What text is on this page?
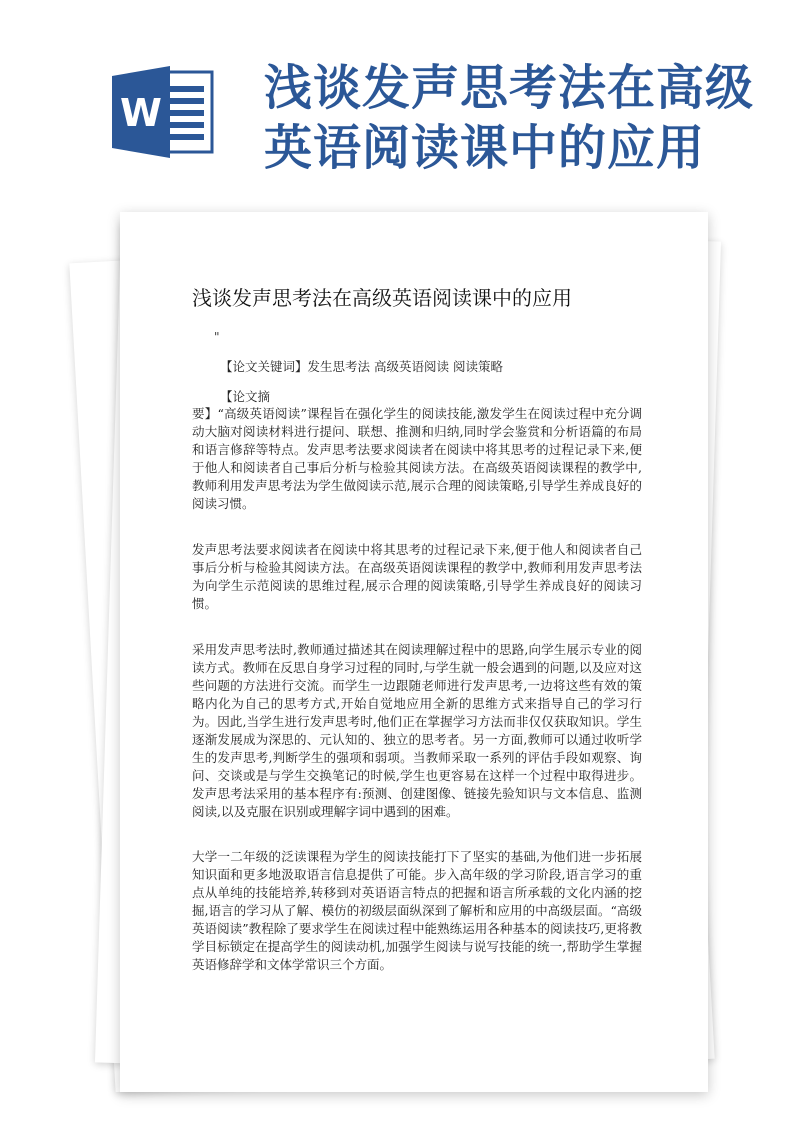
W 浅谈发声思考法在高级英语阅读课中的应用
浅谈发声思考法在高级英语阅读课中的应用
"
【论文关键词】发生思考法 高级英语阅读 阅读策略
【论文摘
要】“高级英语阅读”课程旨在强化学生的阅读技能,激发学生在阅读过程中充分调动大脑对阅读材料进行提问、联想、推测和归纳,同时学会鉴赏和分析语篇的布局和语言修辞等特点。发声思考法要求阅读者在阅读中将其思考的过程记录下来,便于他人和阅读者自己事后分析与检验其阅读方法。在高级英语阅读课程的教学中,教师利用发声思考法为学生做阅读示范,展示合理的阅读策略,引导学生养成良好的阅读习惯。
发声思考法要求阅读者在阅读中将其思考的过程记录下来,便于他人和阅读者自己事后分析与检验其阅读方法。在高级英语阅读课程的教学中,教师利用发声思考法为向学生示范阅读的思维过程,展示合理的阅读策略,引导学生养成良好的阅读习惯。
采用发声思考法时,教师通过描述其在阅读理解过程中的思路,向学生展示专业的阅读方式。教师在反思自身学习过程的同时,与学生就一般会遇到的问题,以及应对这些问题的方法进行交流。而学生一边跟随老师进行发声思考,一边将这些有效的策略内化为自己的思考方式,开始自觉地应用全新的思维方式来指导自己的学习行为。因此,当学生进行发声思考时,他们正在掌握学习方法而非仅仅获取知识。学生逐渐发展成为深思的、元认知的、独立的思考者。另一方面,教师可以通过收听学生的发声思考,判断学生的强项和弱项。当教师采取一系列的评估手段如观察、询问、交谈或是与学生交换笔记的时候,学生也更容易在这样一个过程中取得进步。发声思考法采用的基本程序有:预测、创建图像、链接先验知识与文本信息、监测阅读,以及克服在识别或理解字词中遇到的困难。
大学一二年级的泛读课程为学生的阅读技能打下了坚实的基础,为他们进一步拓展知识面和更多地汲取语言信息提供了可能。步入高年级的学习阶段,语言学习的重点从单纯的技能培养,转移到对英语语言特点的把握和语言所承载的文化内涵的挖掘,语言的学习从了解、模仿的初级层面纵深到了解析和应用的中高级层面。“高级英语阅读”教程除了要求学生在阅读过程中能熟练运用各种基本的阅读技巧,更将教学目标锁定在提高学生的阅读动机,加强学生阅读与说写技能的统一,帮助学生掌握英语修辞学和文体学常识三个方面。
